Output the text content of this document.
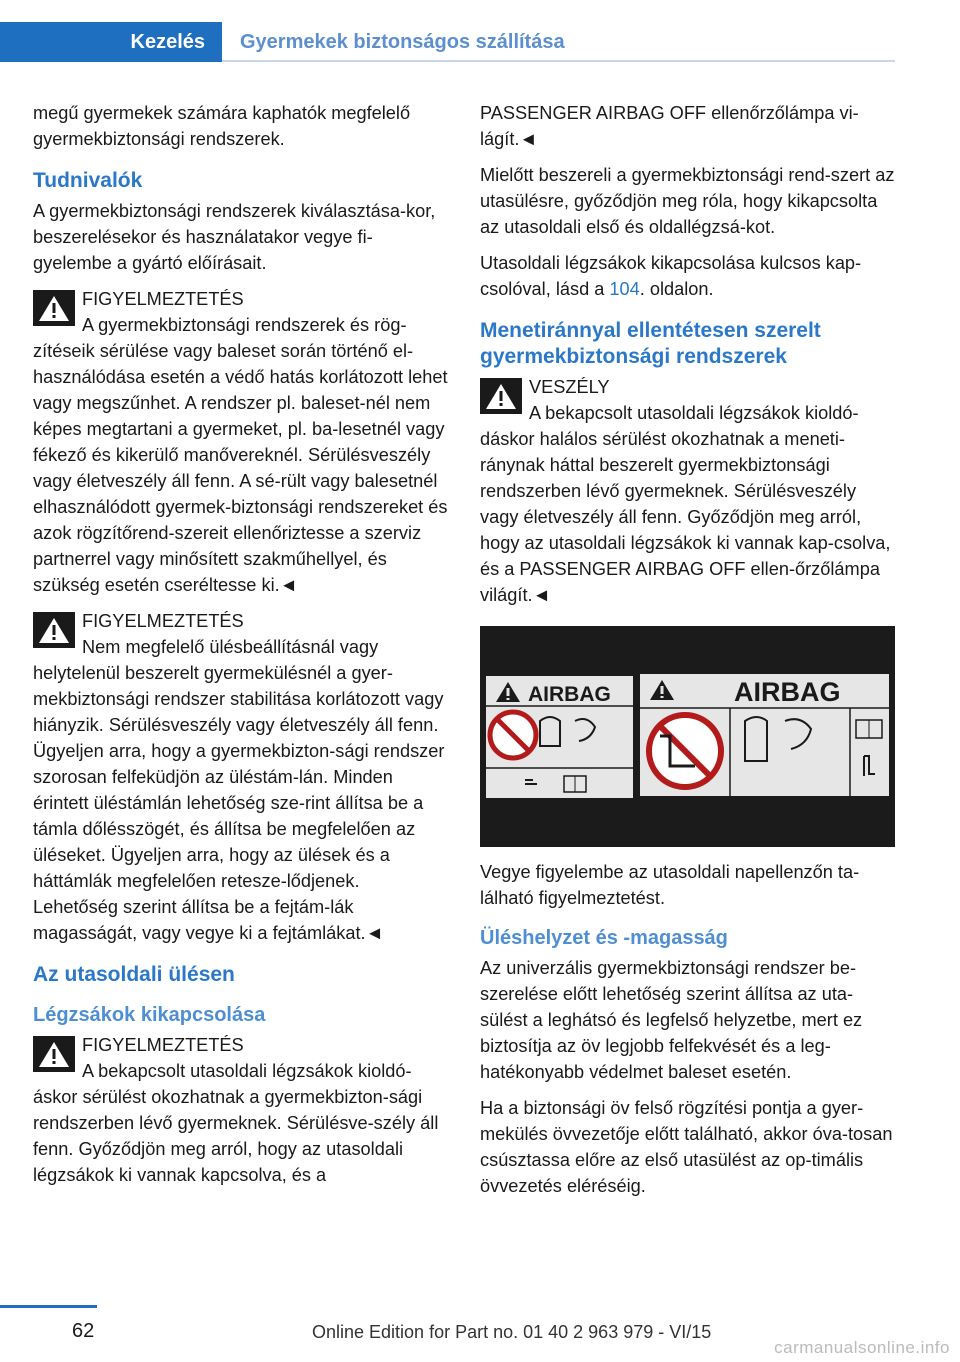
Kezelés	Gyermekek biztonságos szállítása

megű gyermekek számára kaphatók megfelelő gyermekbiztonsági rendszerek.

Tudnivalók

A gyermekbiztonsági rendszerek kiválasztása-kor, beszerelésekor és használatakor vegye fi-gyelembe a gyártó előírásait.

FIGYELMEZTETÉS
A gyermekbiztonsági rendszerek és rög-zítéseik sérülése vagy baleset során történő el-használódása esetén a védő hatás korlátozott lehet vagy megszűnhet. A rendszer pl. baleset-nél nem képes megtartani a gyermeket, pl. ba-lesetnél vagy fékező és kikerülő manővereknél. Sérülésveszély vagy életveszély áll fenn. A sé-rült vagy balesetnél elhasználódott gyermek-biztonsági rendszereket és azok rögzítőrend-szereit ellenőriztesse a szerviz partnerrel vagy minősített szakműhellyel, és szükség esetén cseréltesse ki.◄
FIGYELMEZTETÉS
Nem megfelelő ülésbeállításnál vagy helytelenül beszerelt gyermekülésnél a gyer-mekbiztonsági rendszer stabilitása korlátozott vagy hiányzik. Sérülésveszély vagy életveszély áll fenn. Ügyeljen arra, hogy a gyermekbizton-sági rendszer szorosan felfeküdjön az üléstám-lán. Minden érintett üléstámlán lehetőség sze-rint állítsa be a támla dőlésszögét, és állítsa be megfelelően az üléseket. Ügyeljen arra, hogy az ülések és a háttámlák megfelelően retesze-lődjenek. Lehetőség szerint állítsa be a fejtám-lák magasságát, vagy vegye ki a fejtámlákat.◄
Az utasoldali ülésen
Légzsákok kikapcsolása
FIGYELMEZTETÉS
A bekapcsolt utasoldali légzsákok kioldó-áskor sérülést okozhatnak a gyermekbizton-sági rendszerben lévő gyermeknek. Sérülésve-szély áll fenn. Győződjön meg arról, hogy az utasoldali légzsákok ki vannak kapcsolva, és a

PASSENGER AIRBAG OFF ellenőrzőlámpa vi-lágít.◄

Mielőtt beszereli a gyermekbiztonsági rend-szert az utasülésre, győződjön meg róla, hogy kikapcsolta az utasoldali első és oldallégzsá-kot.

Utasoldali légzsákok kikapcsolása kulcsos kap-csolóval, lásd a 104. oldalon.

Menetiránnyal ellentétesen szerelt gyermekbiztonsági rendszerek
VESZÉLY
A bekapcsolt utasoldali légzsákok kioldó-dáskor halálos sérülést okozhatnak a meneti-ránynak háttal beszerelt gyermekbiztonsági rendszerben lévő gyermeknek. Sérülésveszély vagy életveszély áll fenn. Győződjön meg arról, hogy az utasoldali légzsákok ki vannak kap-csolva, és a PASSENGER AIRBAG OFF ellen-őrzőlámpa világít.◄
AIRBAG	AIRBAG

Vegye figyelembe az utasoldali napellenzőn ta-lálható figyelmeztetést.

Üléshelyzet és -magasság

Az univerzális gyermekbiztonsági rendszer be-szerelése előtt lehetőség szerint állítsa az uta-sülést a leghátsó és legfelső helyzetbe, mert ez biztosítja az öv legjobb felfekvését és a leg-hatékonyabb védelmet baleset esetén.

Ha a biztonsági öv felső rögzítési pontja a gyer-mekülés övvezetője előtt található, akkor óva-tosan csúsztassa előre az első utasülést az op-timális övvezetés eléréséig.

62	Online Edition for Part no. 01 40 2 963 979 - VI/15
carmanualsonline.info
